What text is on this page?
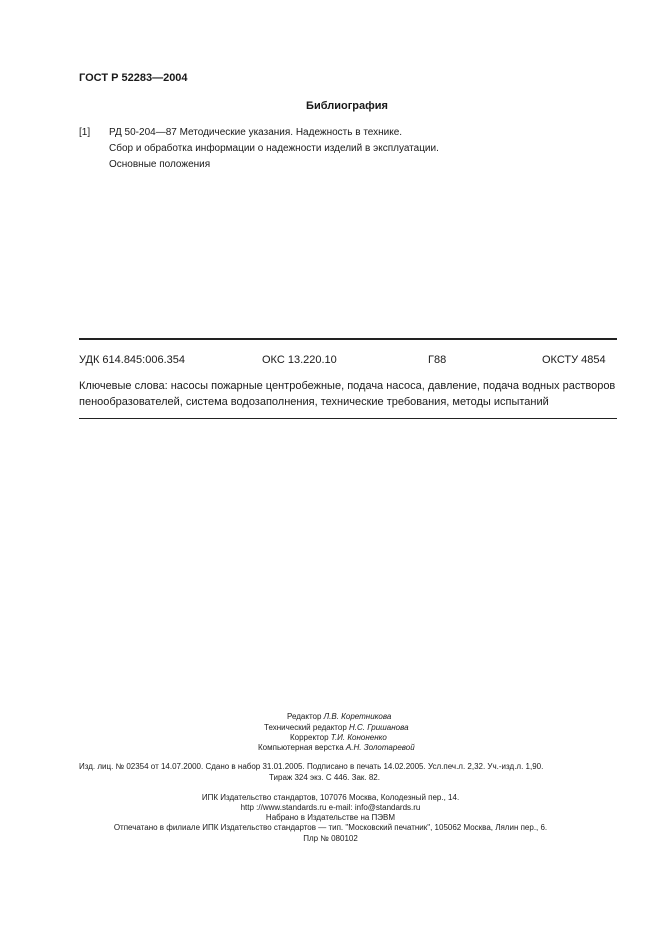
ГОСТ Р 52283—2004
Библиография
[1] РД 50-204—87 Методические указания. Надежность в технике.
Сбор и обработка информации о надежности изделий в эксплуатации.
Основные положения
УДК 614.845:006.354	ОКС 13.220.10	Г88	ОКСТУ 4854
Ключевые слова: насосы пожарные центробежные, подача насоса, давление, подача водных растворов
пенообразователей, система водозаполнения, технические требования, методы испытаний
Редактор Л.В. Коретникова
Технический редактор Н.С. Гришанова
Корректор Т.И. Кононенко
Компьютерная верстка А.Н. Золотаревой
Изд. лиц. № 02354 от 14.07.2000. Сдано в набор 31.01.2005. Подписано в печать 14.02.2005. Усл.печ.л. 2,32. Уч.-изд.л. 1,90.
Тираж 324 экз. С 446. Зак. 82.
ИПК Издательство стандартов, 107076 Москва, Колодезный пер., 14.
http ://www.standards.ru e-mail: info@standards.ru
Набрано в Издательстве на ПЭВМ
Отпечатано в филиале ИПК Издательство стандартов — тип. "Московский печатник", 105062 Москва, Лялин пер., 6.
Плр № 080102
